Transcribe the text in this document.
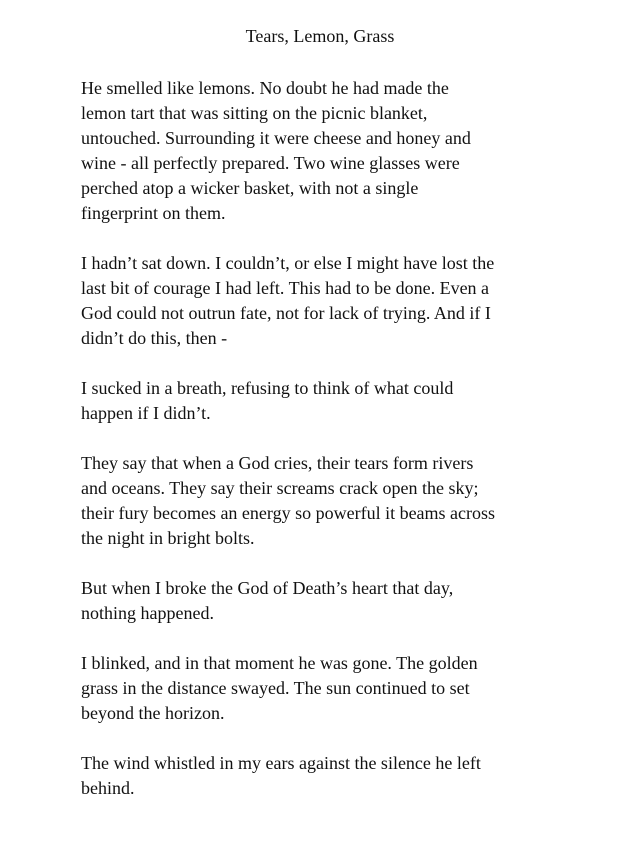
Tears, Lemon, Grass

He smelled like lemons. No doubt he had made the
lemon tart that was sitting on the picnic blanket,
untouched. Surrounding it were cheese and honey and
wine - all perfectly prepared. Two wine glasses were
perched atop a wicker basket, with not a single
fingerprint on them.

I hadn’t sat down. I couldn’t, or else I might have lost the
last bit of courage I had left. This had to be done. Even a
God could not outrun fate, not for lack of trying. And if I
didn’t do this, then -

I sucked in a breath, refusing to think of what could
happen if I didn’t.

They say that when a God cries, their tears form rivers
and oceans. They say their screams crack open the sky;
their fury becomes an energy so powerful it beams across
the night in bright bolts.

But when I broke the God of Death’s heart that day,
nothing happened.

I blinked, and in that moment he was gone. The golden
grass in the distance swayed. The sun continued to set
beyond the horizon.

The wind whistled in my ears against the silence he left
behind.
